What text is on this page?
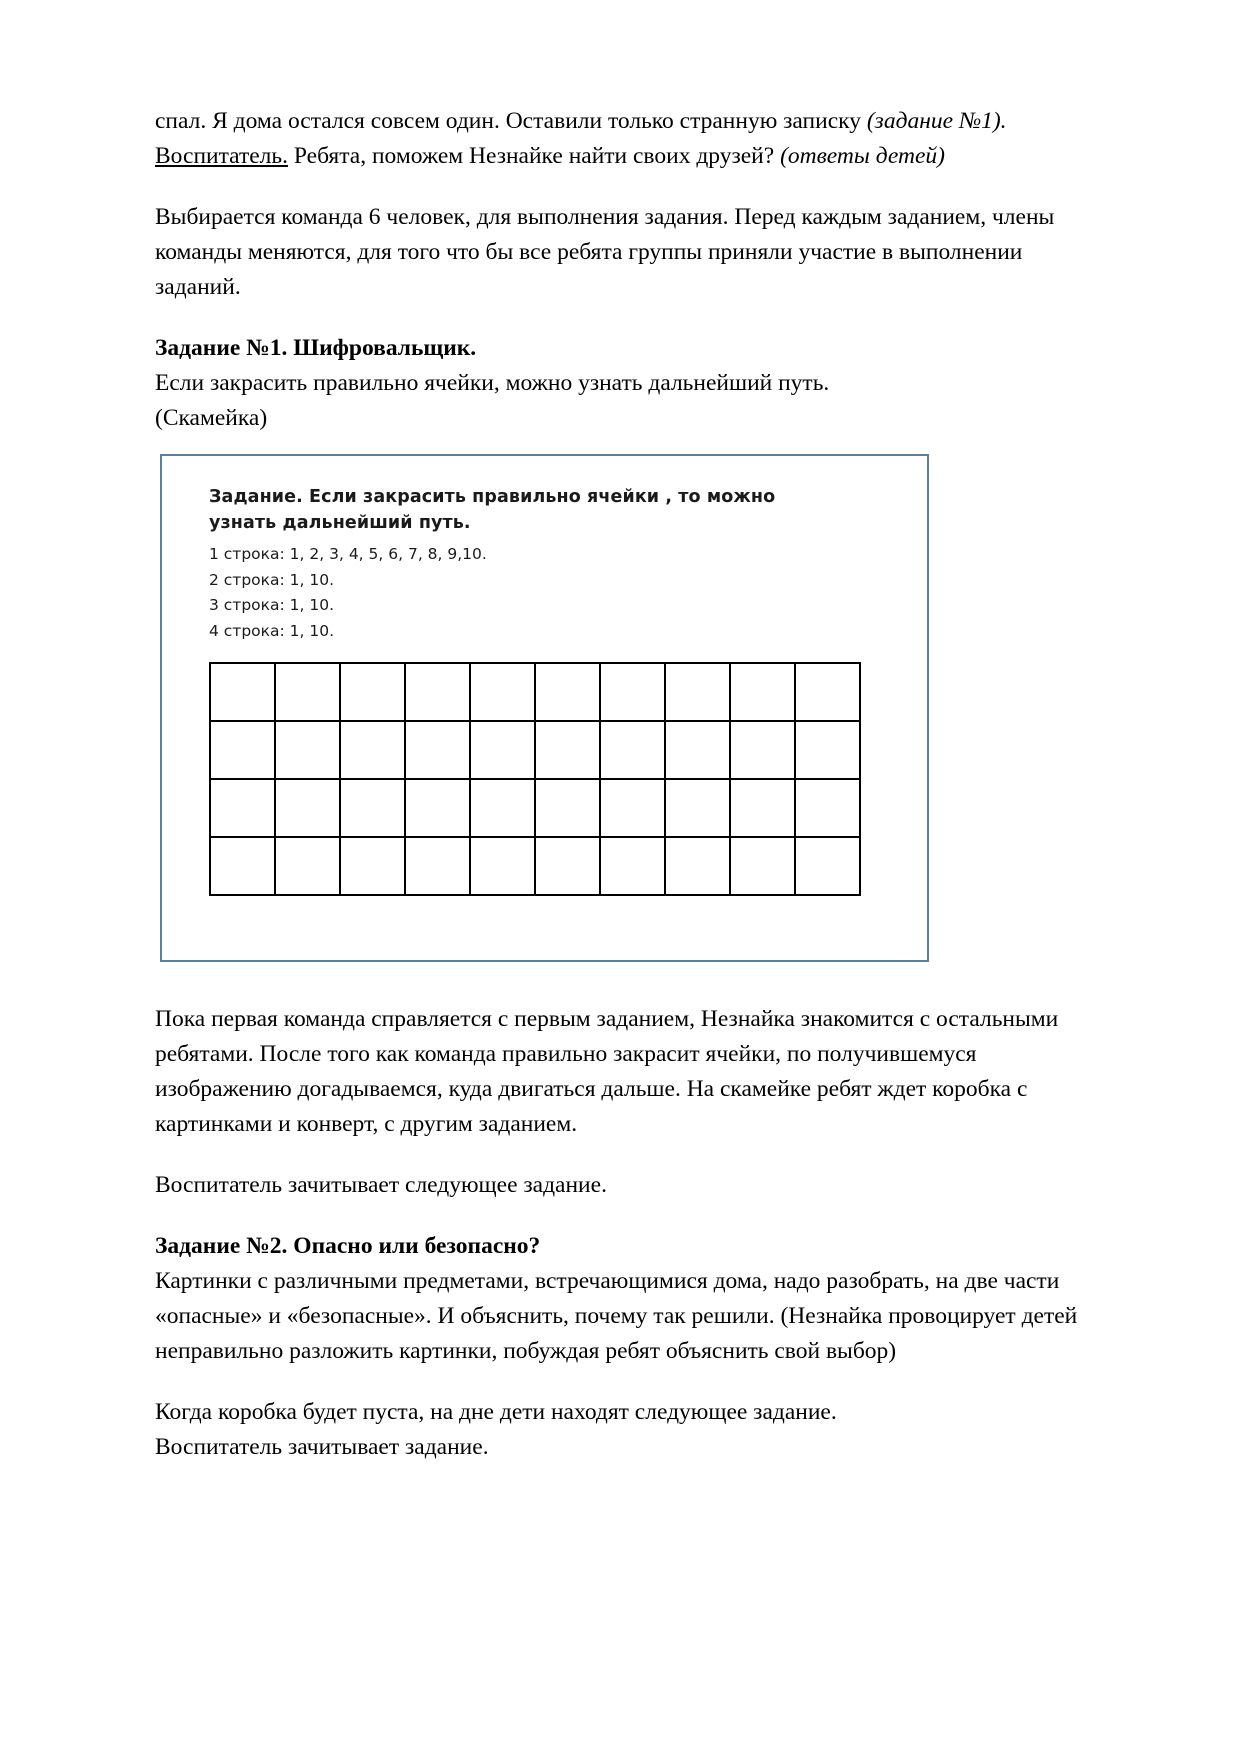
спал. Я дома остался совсем один. Оставили только странную записку (задание №1).

Воспитатель. Ребята, поможем Незнайке найти своих друзей? (ответы детей)

Выбирается команда 6 человек, для выполнения задания. Перед каждым заданием, члены команды меняются, для того что бы все ребята группы приняли участие в выполнении заданий.

Задание №1. Шифровальщик.

Если закрасить правильно ячейки, можно узнать дальнейший путь.

(Скамейка)

Задание. Если закрасить правильно ячейки , то можно узнать дальнейший путь.

1 строка: 1, 2, 3, 4, 5, 6, 7, 8, 9,10.

2 строка: 1, 10.

3 строка: 1, 10.

4 строка: 1, 10.

Пока первая команда справляется с первым заданием, Незнайка знакомится с остальными ребятами. После того как команда правильно закрасит ячейки, по получившемуся изображению догадываемся, куда двигаться дальше. На скамейке ребят ждет коробка с картинками и конверт, с другим заданием.

Воспитатель зачитывает следующее задание.

Задание №2. Опасно или безопасно?

Картинки с различными предметами, встречающимися дома, надо разобрать, на две части «опасные» и «безопасные». И объяснить, почему так решили. (Незнайка провоцирует детей неправильно разложить картинки, побуждая ребят объяснить свой выбор)

Когда коробка будет пуста, на дне дети находят следующее задание.

Воспитатель зачитывает задание.
